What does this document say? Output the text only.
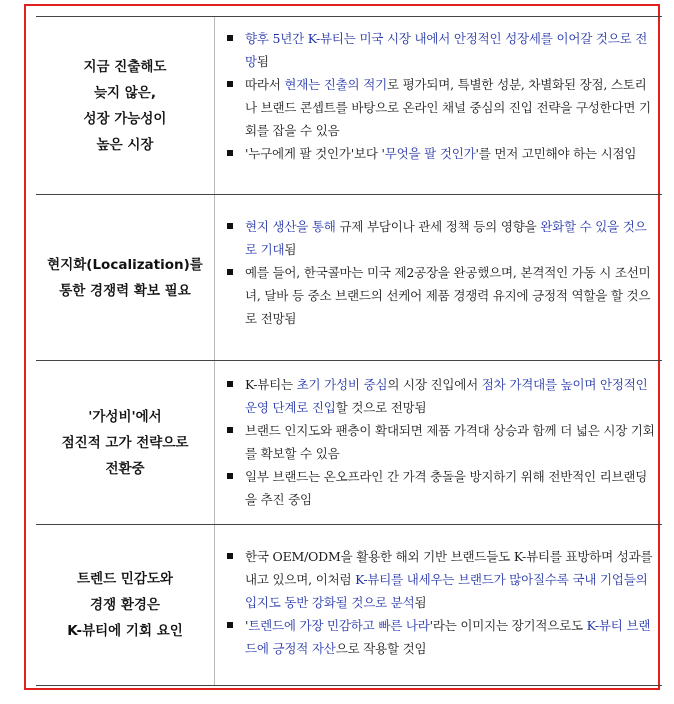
지금 진출해도
늦지 않은,
성장 가능성이
높은 시장
향후 5년간 K-뷰티는 미국 시장 내에서 안정적인 성장세를 이어갈 것으로 전망됨
따라서 현재는 진출의 적기로 평가되며, 특별한 성분, 차별화된 장점, 스토리나 브랜드 콘셉트를 바탕으로 온라인 채널 중심의 진입 전략을 구성한다면 기회를 잡을 수 있음
'누구에게 팔 것인가'보다 '무엇을 팔 것인가'를 먼저 고민해야 하는 시점임
현지화(Localization)를
통한 경쟁력 확보 필요
현지 생산을 통해 규제 부담이나 관세 정책 등의 영향을 완화할 수 있을 것으로 기대됨
예를 들어, 한국콜마는 미국 제2공장을 완공했으며, 본격적인 가동 시 조선미녀, 달바 등 중소 브랜드의 선케어 제품 경쟁력 유지에 긍정적 역할을 할 것으로 전망됨
'가성비'에서
점진적 고가 전략으로
전환중
K-뷰티는 초기 가성비 중심의 시장 진입에서 점차 가격대를 높이며 안정적인 운영 단계로 진입할 것으로 전망됨
브랜드 인지도와 팬층이 확대되면 제품 가격대 상승과 함께 더 넓은 시장 기회를 확보할 수 있음
일부 브랜드는 온오프라인 간 가격 충돌을 방지하기 위해 전반적인 리브랜딩을 추진 중임
트렌드 민감도와
경쟁 환경은
K-뷰티에 기회 요인
한국 OEM/ODM을 활용한 해외 기반 브랜드들도 K-뷰티를 표방하며 성과를 내고 있으며, 이처럼 K-뷰티를 내세우는 브랜드가 많아질수록 국내 기업들의 입지도 동반 강화될 것으로 분석됨
'트렌드에 가장 민감하고 빠른 나라'라는 이미지는 장기적으로도 K-뷰티 브랜드에 긍정적 자산으로 작용할 것임
